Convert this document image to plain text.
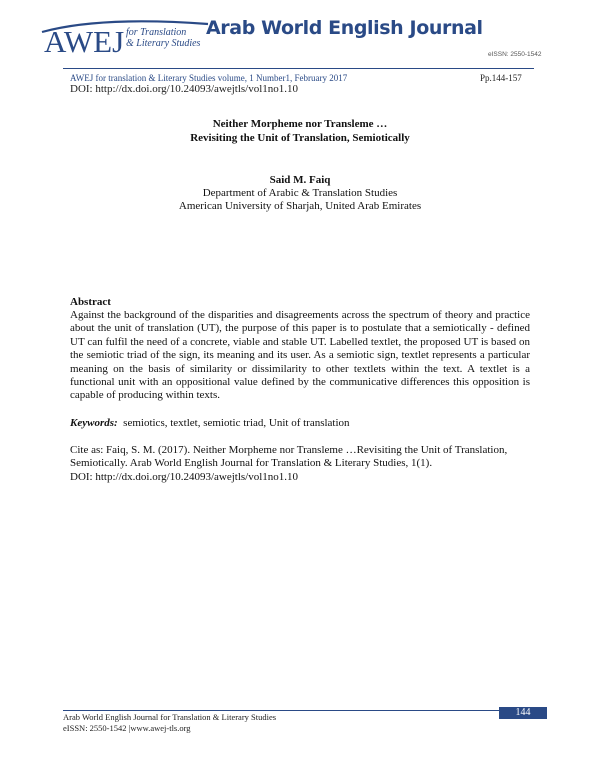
AWEJ for Translation
& Literary Studies
Arab World English Journal
eISSN: 2550-1542
AWEJ for translation & Literary Studies volume, 1 Number1, February 2017	Pp.144-157
DOI: http://dx.doi.org/10.24093/awejtls/vol1no1.10
Neither Morpheme nor Transleme …
Revisiting the Unit of Translation, Semiotically
Said M. Faiq
Department of Arabic & Translation Studies
American University of Sharjah, United Arab Emirates
Abstract
Against the background of the disparities and disagreements across the spectrum of theory and practice about the unit of translation (UT), the purpose of this paper is to postulate that a semiotically - defined UT can fulfil the need of a concrete, viable and stable UT. Labelled textlet, the proposed UT is based on the semiotic triad of the sign, its meaning and its user. As a semiotic sign, textlet represents a particular meaning on the basis of similarity or dissimilarity to other textlets within the text. A textlet is a functional unit with an oppositional value defined by the communicative differences this opposition is capable of producing within texts.
Keywords: semiotics, textlet, semiotic triad, Unit of translation
Cite as: Faiq, S. M. (2017). Neither Morpheme nor Transleme …Revisiting the Unit of Translation,
Semiotically. Arab World English Journal for Translation & Literary Studies, 1(1).
DOI: http://dx.doi.org/10.24093/awejtls/vol1no1.10
Arab World English Journal for Translation & Literary Studies
eISSN: 2550-1542 |www.awej-tls.org
144
